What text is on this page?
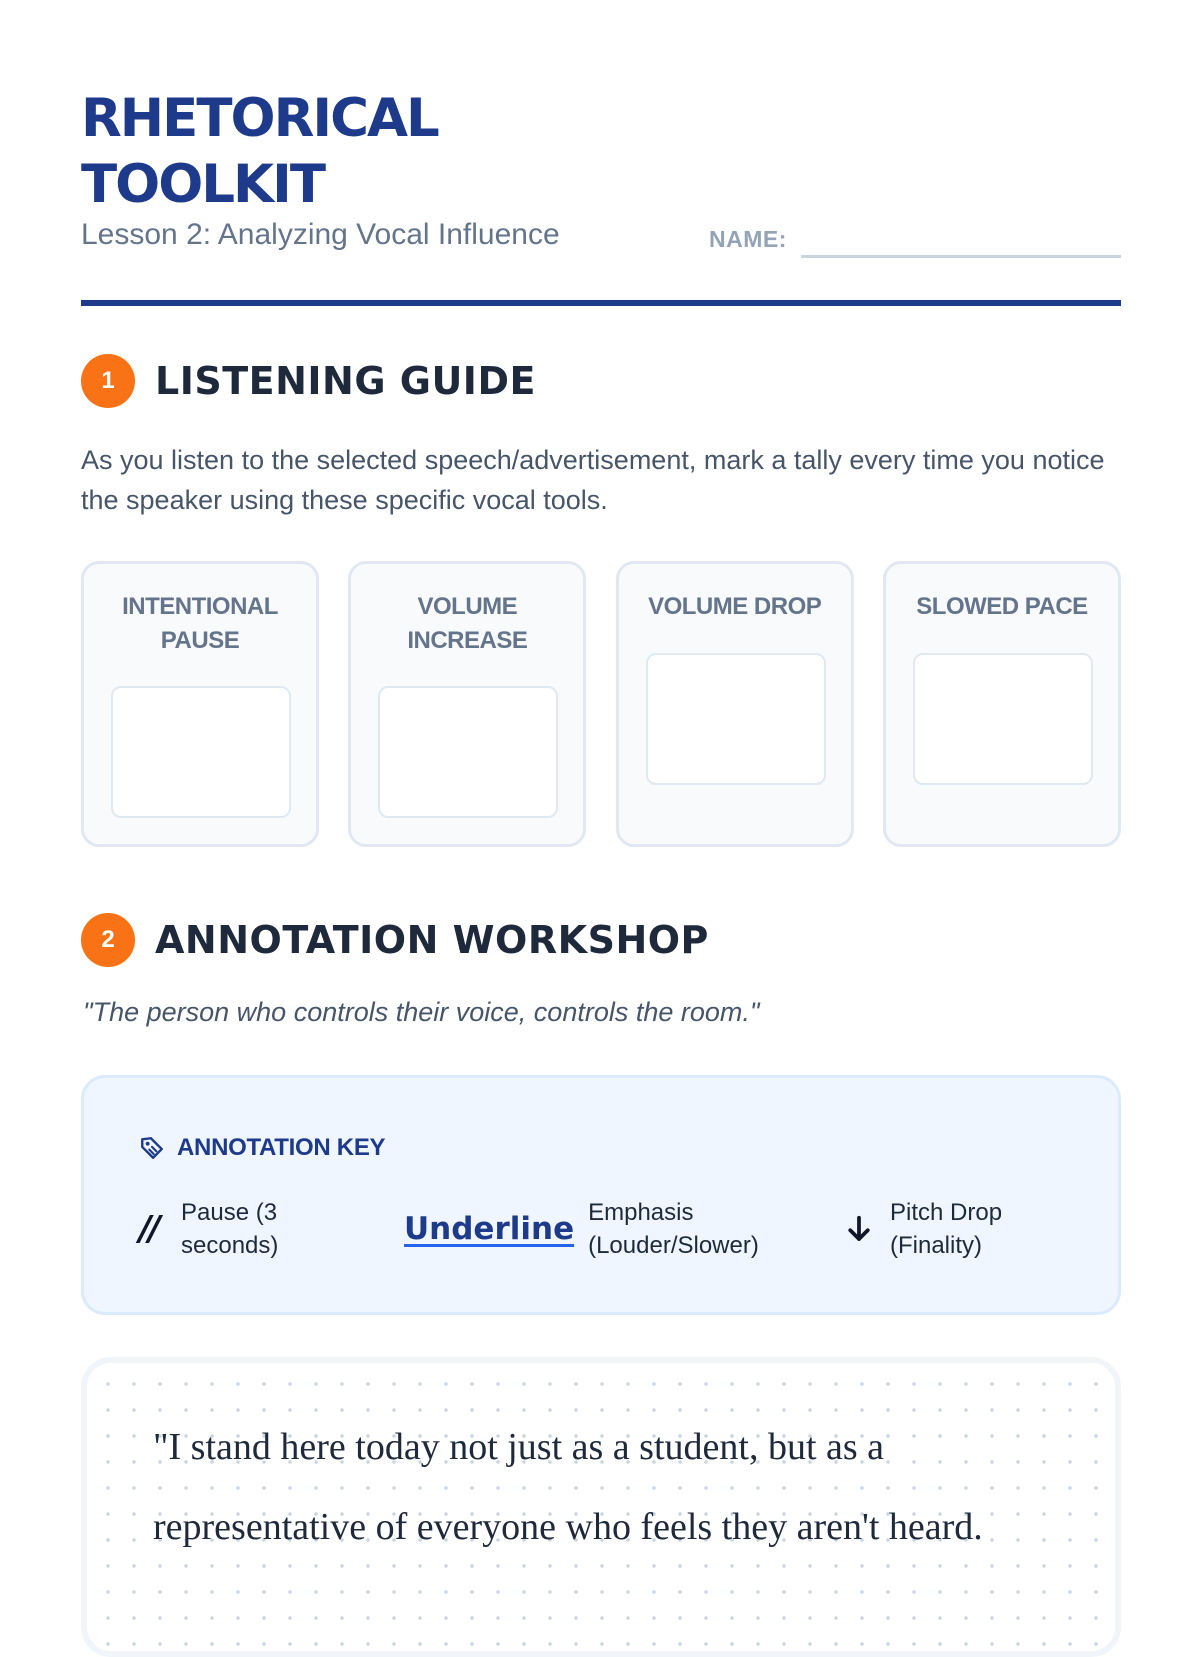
RHETORICAL TOOLKIT
Lesson 2: Analyzing Vocal Influence	NAME:
1	LISTENING GUIDE

As you listen to the selected speech/advertisement, mark a tally every time you notice the speaker using these specific vocal tools.

INTENTIONAL PAUSE
VOLUME INCREASE
VOLUME DROP	SLOWED PACE
2	ANNOTATION WORKSHOP
"The person who controls their voice, controls the room."
ANNOTATION KEY
// Pause (3 seconds)	Underline Emphasis (Louder/Slower)
Pitch Drop (Finality)

"I stand here today not just as a student, but as a representative of everyone who feels they aren't heard.
